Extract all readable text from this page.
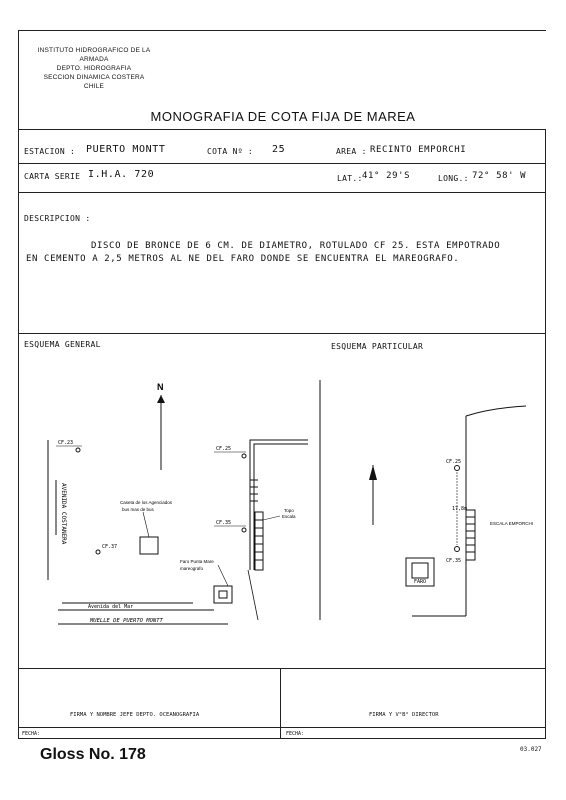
INSTITUTO HIDROGRAFICO DE LA ARMADA
DEPTO. HIDROGRAFIA
SECCION DINAMICA COSTERA
CHILE
MONOGRAFIA DE COTA FIJA DE MAREA
ESTACION : PUERTO MONTT	COTA Nº : 25	AREA : RECINTO EMPORCHI
CARTA SERIE I.H.A. 720	LAT.: 41° 29'S	LONG.: 72° 58' W
DESCRIPCION :
DISCO DE BRONCE DE 6 CM. DE DIAMETRO, ROTULADO CF 25. ESTA EMPOTRADO
EN CEMENTO A 2,5 METROS AL NE DEL FARO DONDE SE ENCUENTRA EL MAREOGRAFO.
ESQUEMA GENERAL	ESQUEMA PARTICULAR
N
AVENIDA COSTANERA
CF.23
CF.25
CF.35
CF.37
Caseta de los Agenciados
bus mas de bus	Topo
Escala
Faro Punta Mare
mareografo
Avenida del Mar
MUELLE DE PUERTO MONTT
CF.25
17,8m
ESCALA EMPORCHI
CF.35
FARO
FIRMA Y NOMBRE JEFE DEPTO. OCEANOGRAFIA	FIRMA Y V°B° DIRECTOR
FECHA:	FECHA:
Gloss No. 178	03.027
